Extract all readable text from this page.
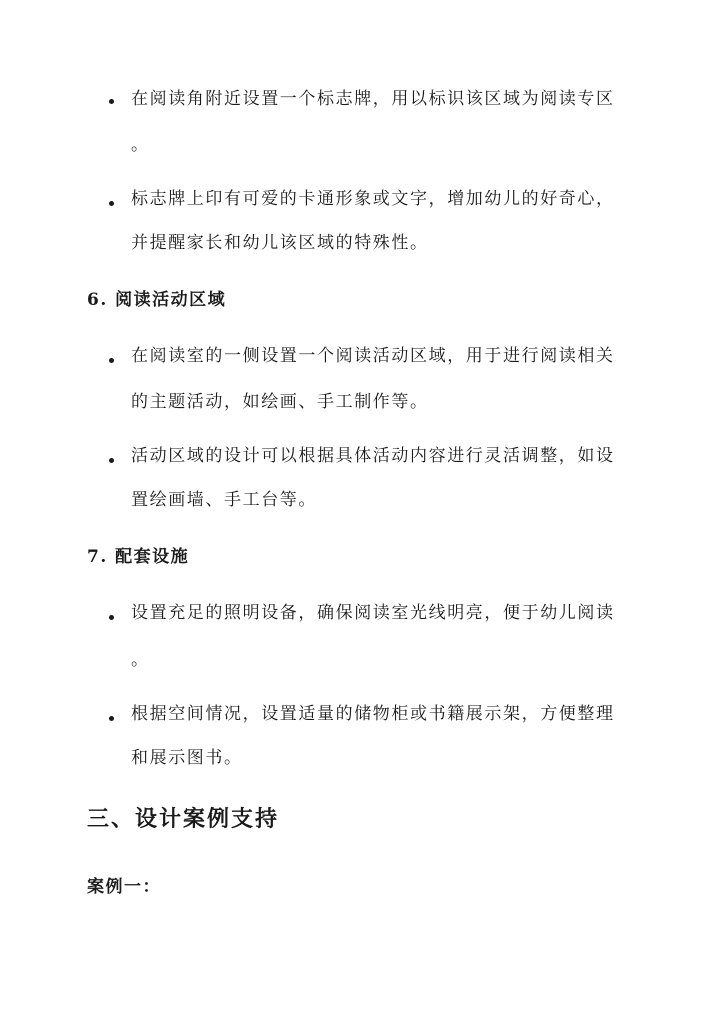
在阅读角附近设置一个标志牌，用以标识该区域为阅读专区
。
标志牌上印有可爱的卡通形象或文字，增加幼儿的好奇心，
并提醒家长和幼儿该区域的特殊性。
6. 阅读活动区域
在阅读室的一侧设置一个阅读活动区域，用于进行阅读相关
的主题活动，如绘画、手工制作等。
活动区域的设计可以根据具体活动内容进行灵活调整，如设
置绘画墙、手工台等。
7. 配套设施
设置充足的照明设备，确保阅读室光线明亮，便于幼儿阅读
。
根据空间情况，设置适量的储物柜或书籍展示架，方便整理
和展示图书。
三、设计案例支持
案例一：
